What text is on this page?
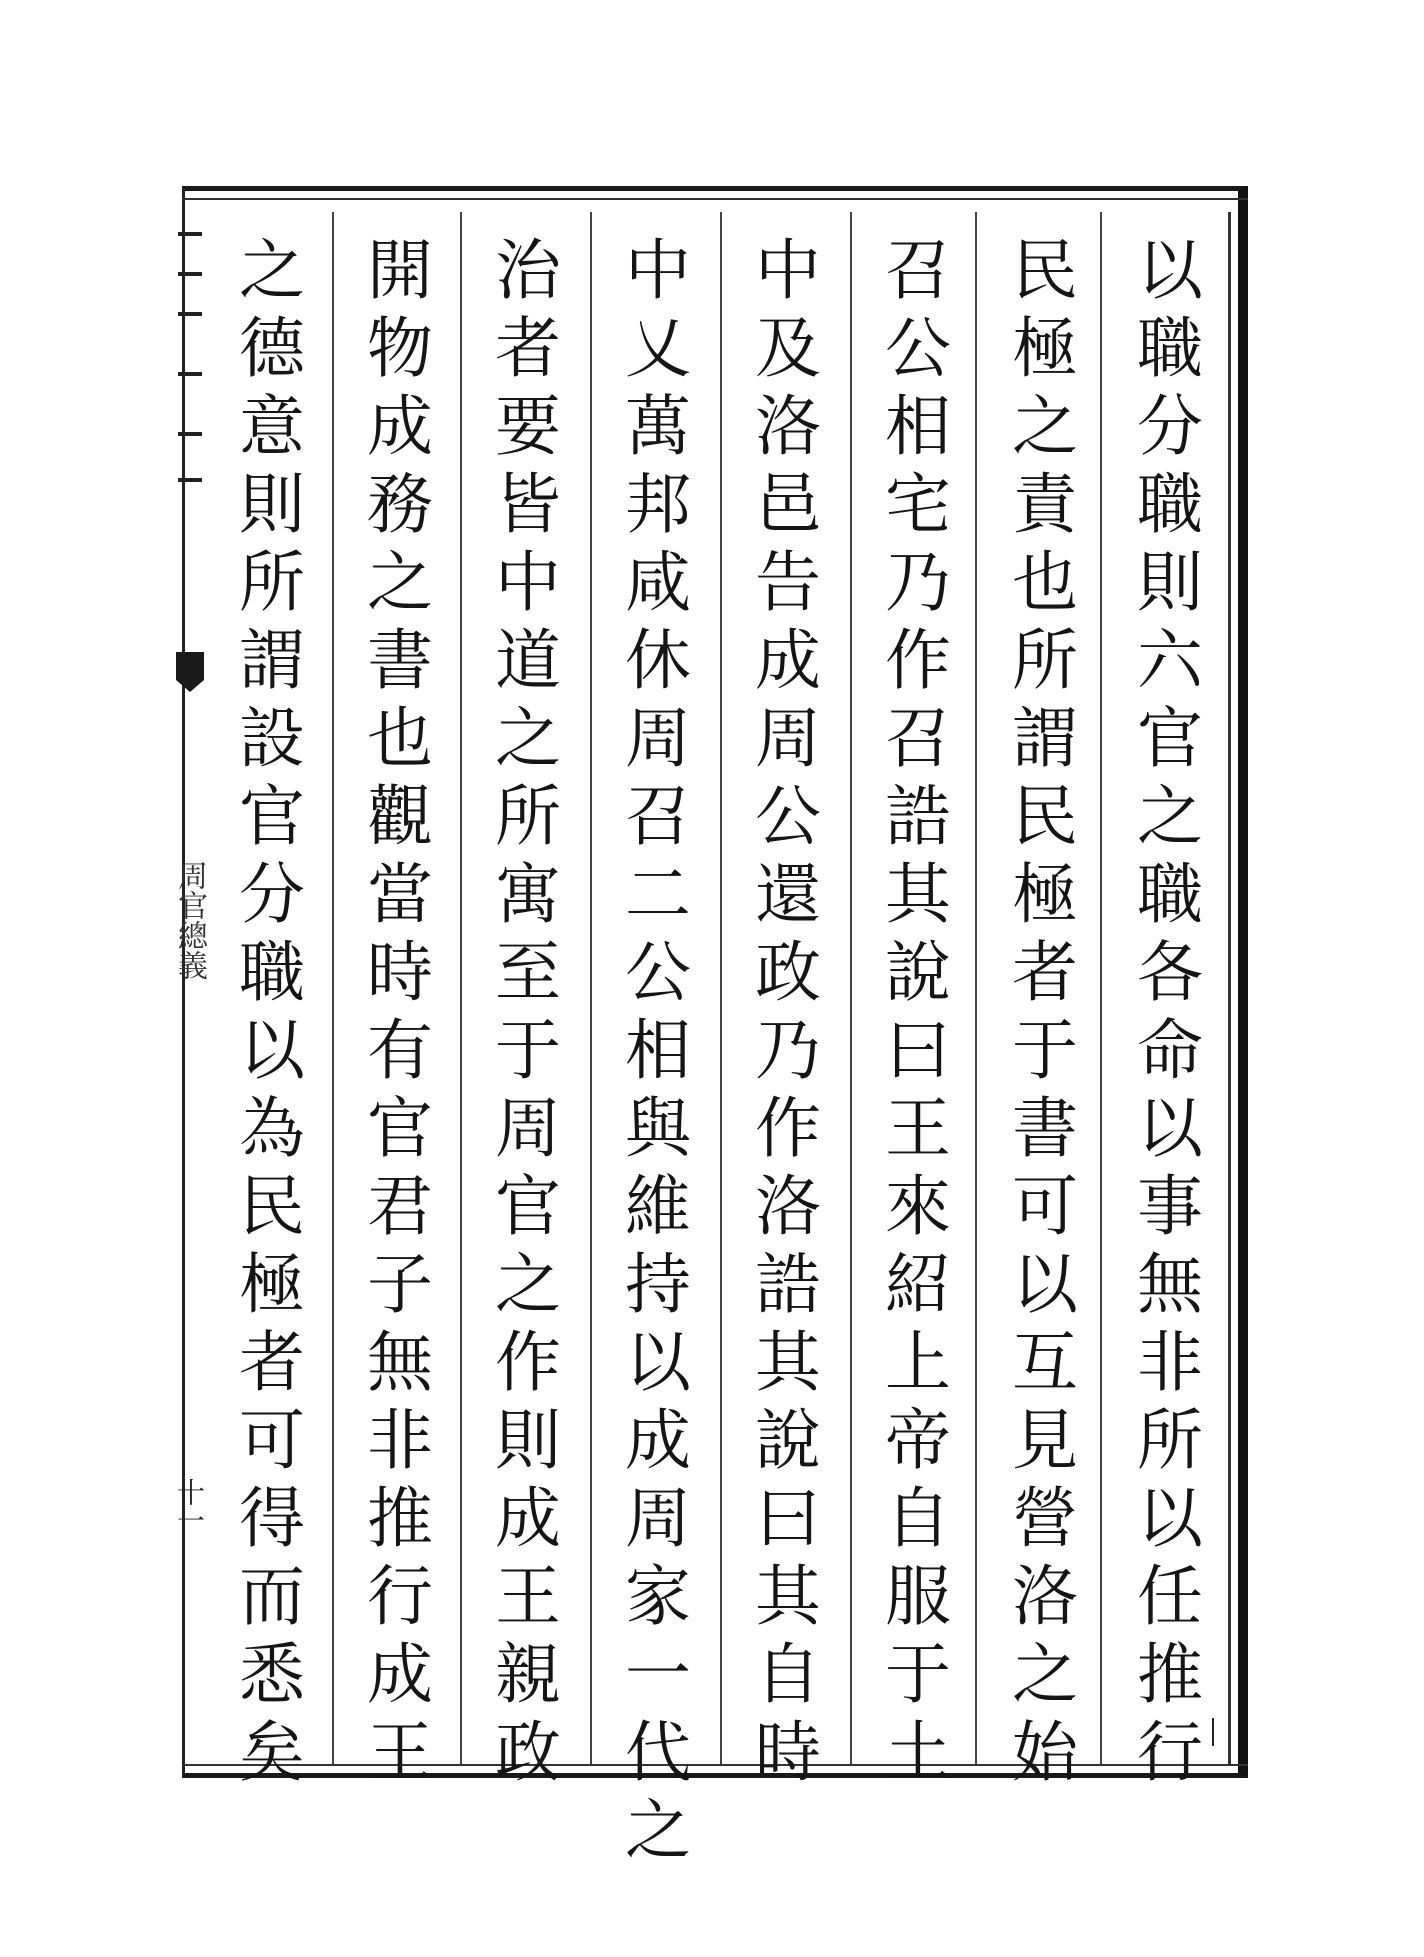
周官總義
十一
以
職
分
職
則
六
官
之
職
各
命
以
事
無
非
所
以
任
推
行
民
極
之
責
也
所
謂
民
極
者
于
書
可
以
互
見
營
洛
之
始
召
公
相
宅
乃
作
召
誥
其
說
曰
王
來
紹
上
帝
自
服
于
土
中
及
洛
邑
告
成
周
公
還
政
乃
作
洛
誥
其
說
曰
其
自
時
中
乂
萬
邦
咸
休
周
召
二
公
相
與
維
持
以
成
周
家
一
代
之
治
者
要
皆
中
道
之
所
寓
至
于
周
官
之
作
則
成
王
親
政
開
物
成
務
之
書
也
觀
當
時
有
官
君
子
無
非
推
行
成
王
之
德
意
則
所
謂
設
官
分
職
以
為
民
極
者
可
得
而
悉
矣
